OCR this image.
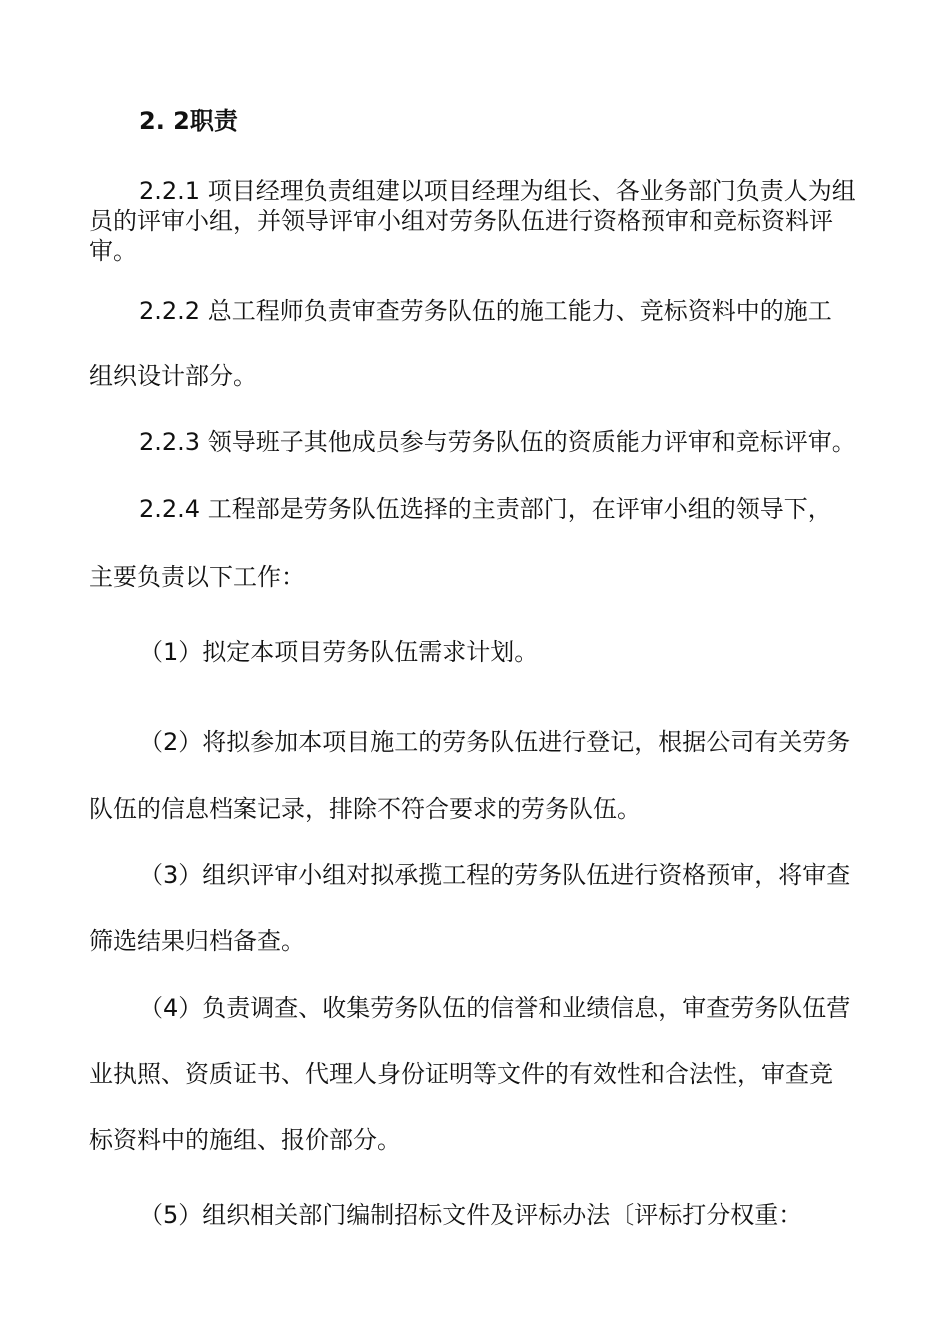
2. 2职责
2.2.1 项目经理负责组建以项目经理为组长、各业务部门负责人为组
员的评审小组，并领导评审小组对劳务队伍进行资格预审和竞标资料评
审。
2.2.2 总工程师负责审查劳务队伍的施工能力、竞标资料中的施工
组织设计部分。
2.2.3 领导班子其他成员参与劳务队伍的资质能力评审和竞标评审。
2.2.4 工程部是劳务队伍选择的主责部门，在评审小组的领导下，
主要负责以下工作：
（1）拟定本项目劳务队伍需求计划。
（2）将拟参加本项目施工的劳务队伍进行登记，根据公司有关劳务
队伍的信息档案记录，排除不符合要求的劳务队伍。
（3）组织评审小组对拟承揽工程的劳务队伍进行资格预审，将审查
筛选结果归档备查。
（4）负责调查、收集劳务队伍的信誉和业绩信息，审查劳务队伍营
业执照、资质证书、代理人身份证明等文件的有效性和合法性，审查竞
标资料中的施组、报价部分。
（5）组织相关部门编制招标文件及评标办法〔评标打分权重：
